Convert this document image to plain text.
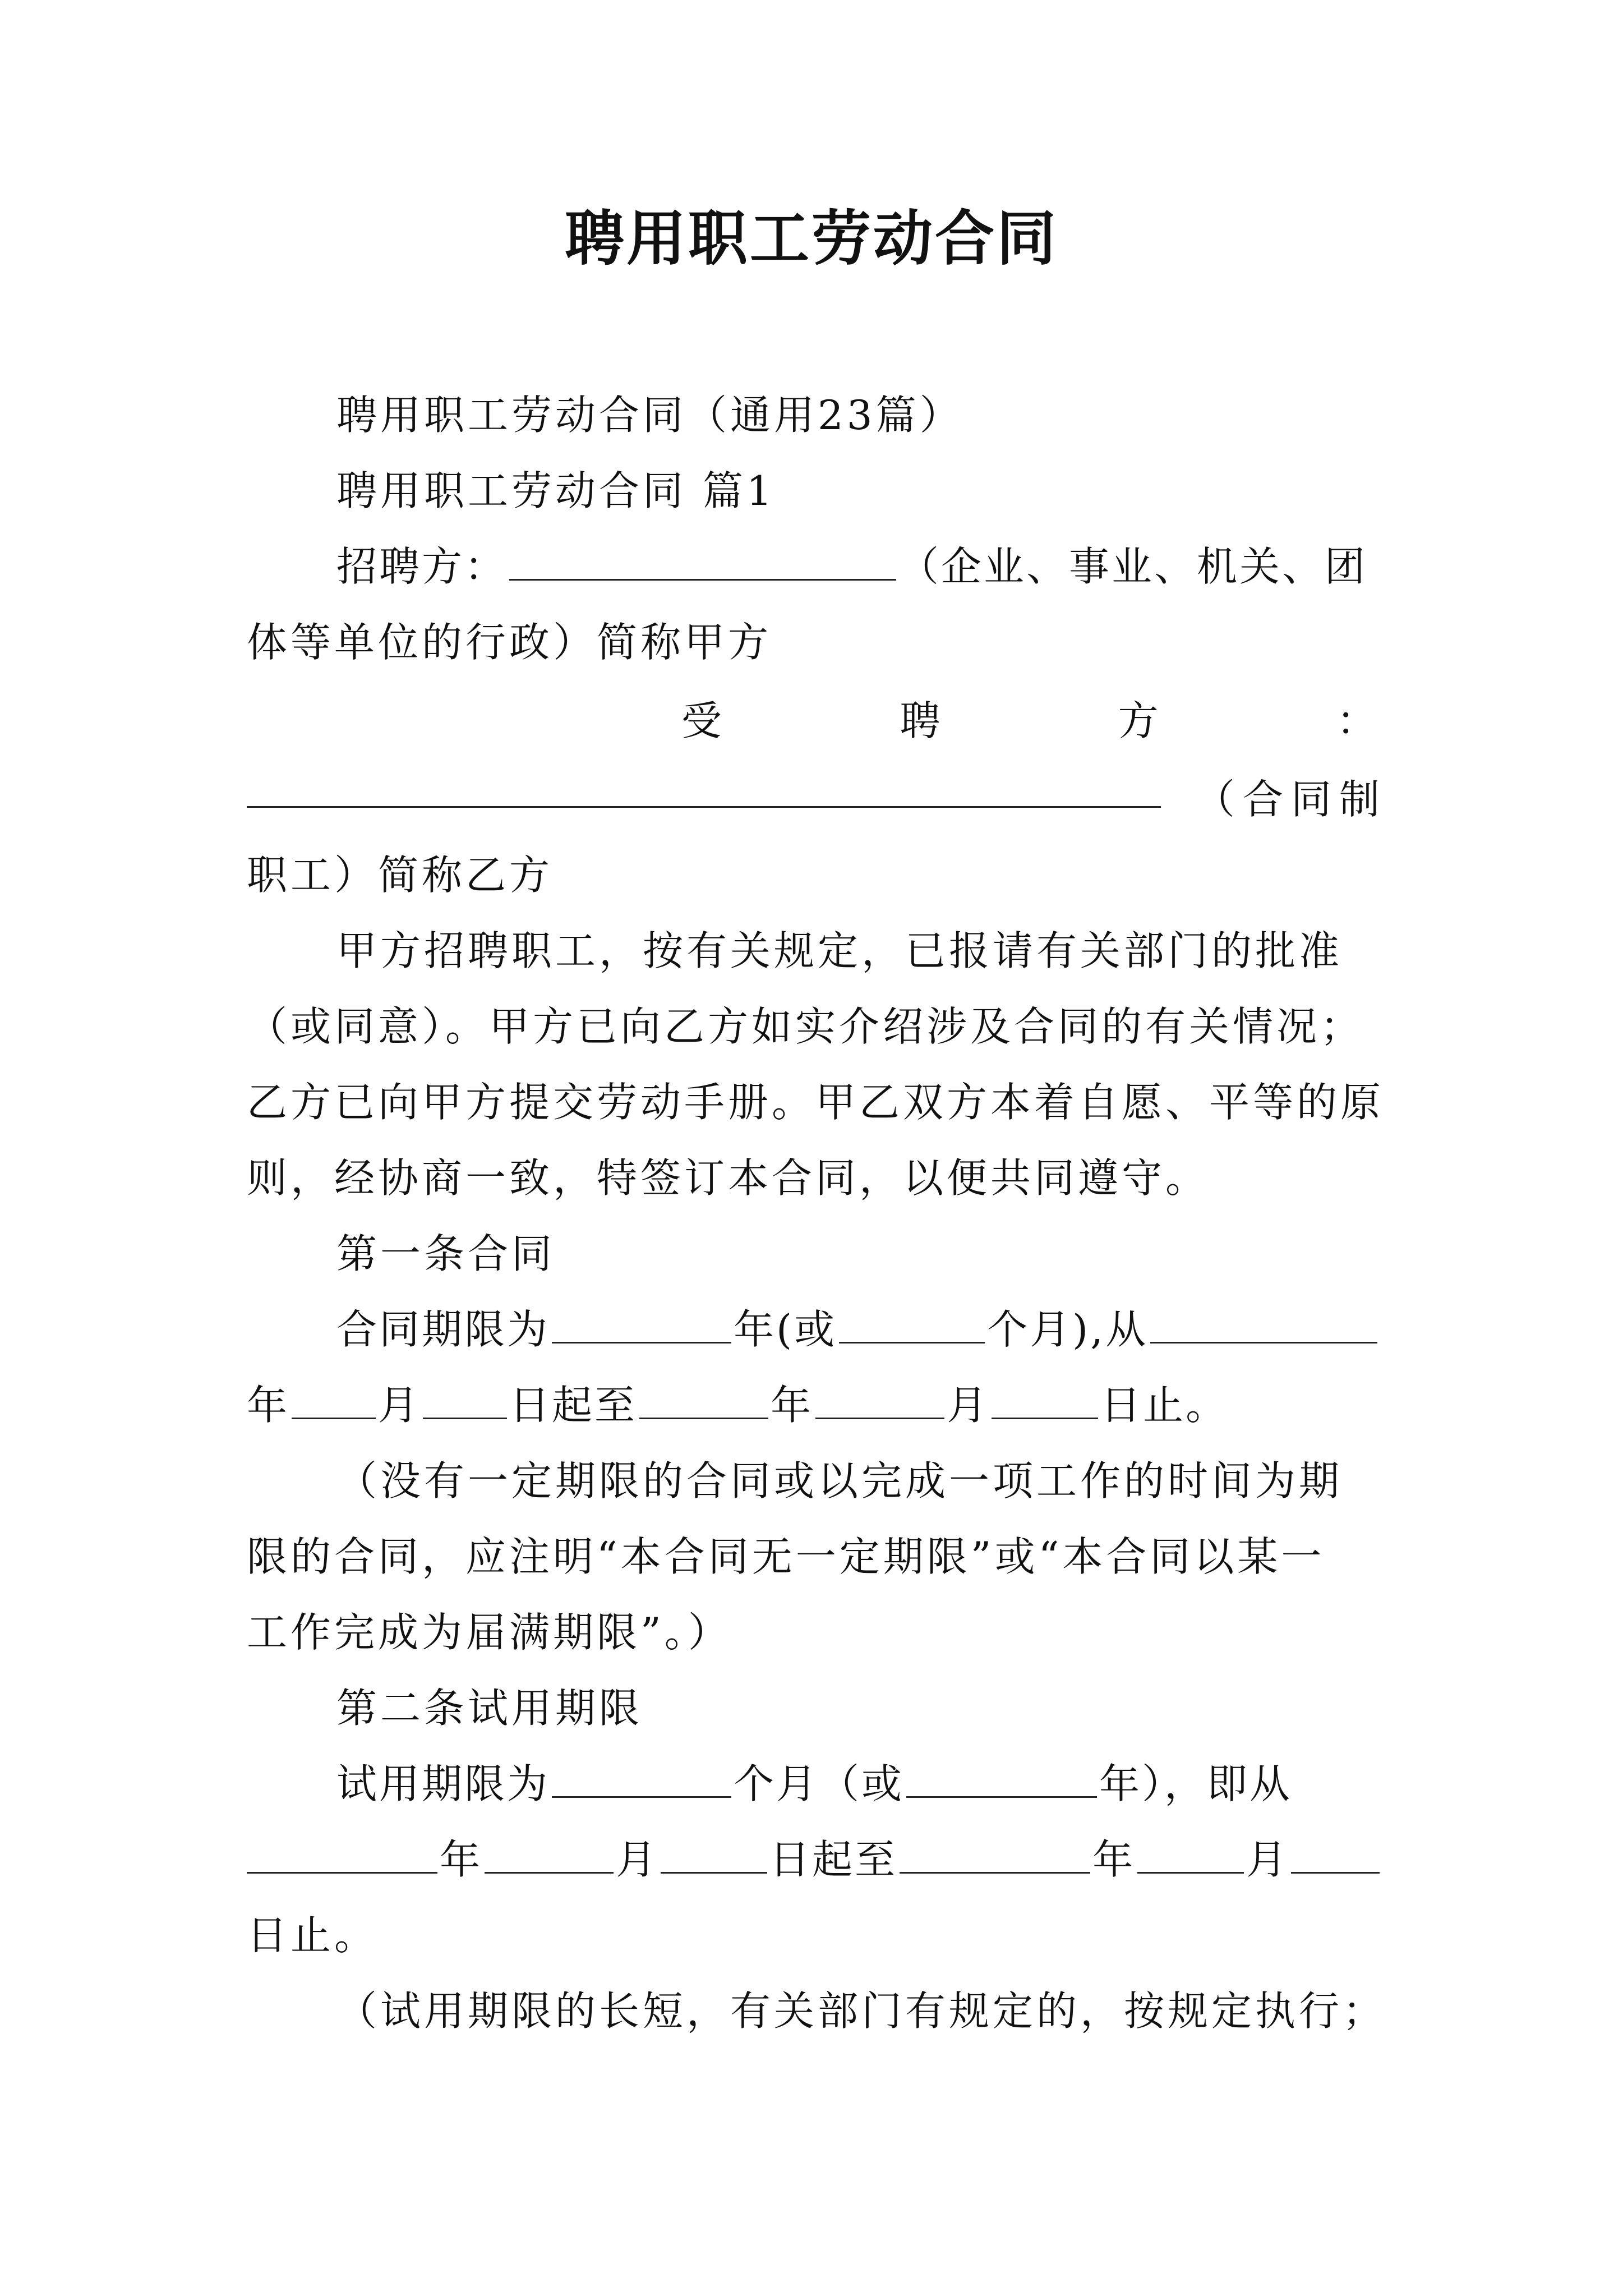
聘用职工劳动合同
聘用职工劳动合同（通用23篇）
聘用职工劳动合同 篇1
招聘方：	（企业、事业、机关、团
体等单位的行政）简称甲方
受	聘	方	：
（ 合 同 制
职工）简称乙方
甲方招聘职工，按有关规定，已报请有关部门的批准
（或同意）。甲方已向乙方如实介绍涉及合同的有关情况；
乙方已向甲方提交劳动手册。甲乙双方本着自愿、平等的原
则，经协商一致，特签订本合同，以便共同遵守。
第一条合同
合同期限为	年(或	个月),从
年 月 日起至	年	月	日止。
（没有一定期限的合同或以完成一项工作的时间为期
限的合同，应注明“本合同无一定期限”或“本合同以某一
工作完成为届满期限”。）
第二条试用期限
试用期限为	个月（或	年），即从
年	月	日起至	年	月
日止。
（试用期限的长短，有关部门有规定的，按规定执行；
